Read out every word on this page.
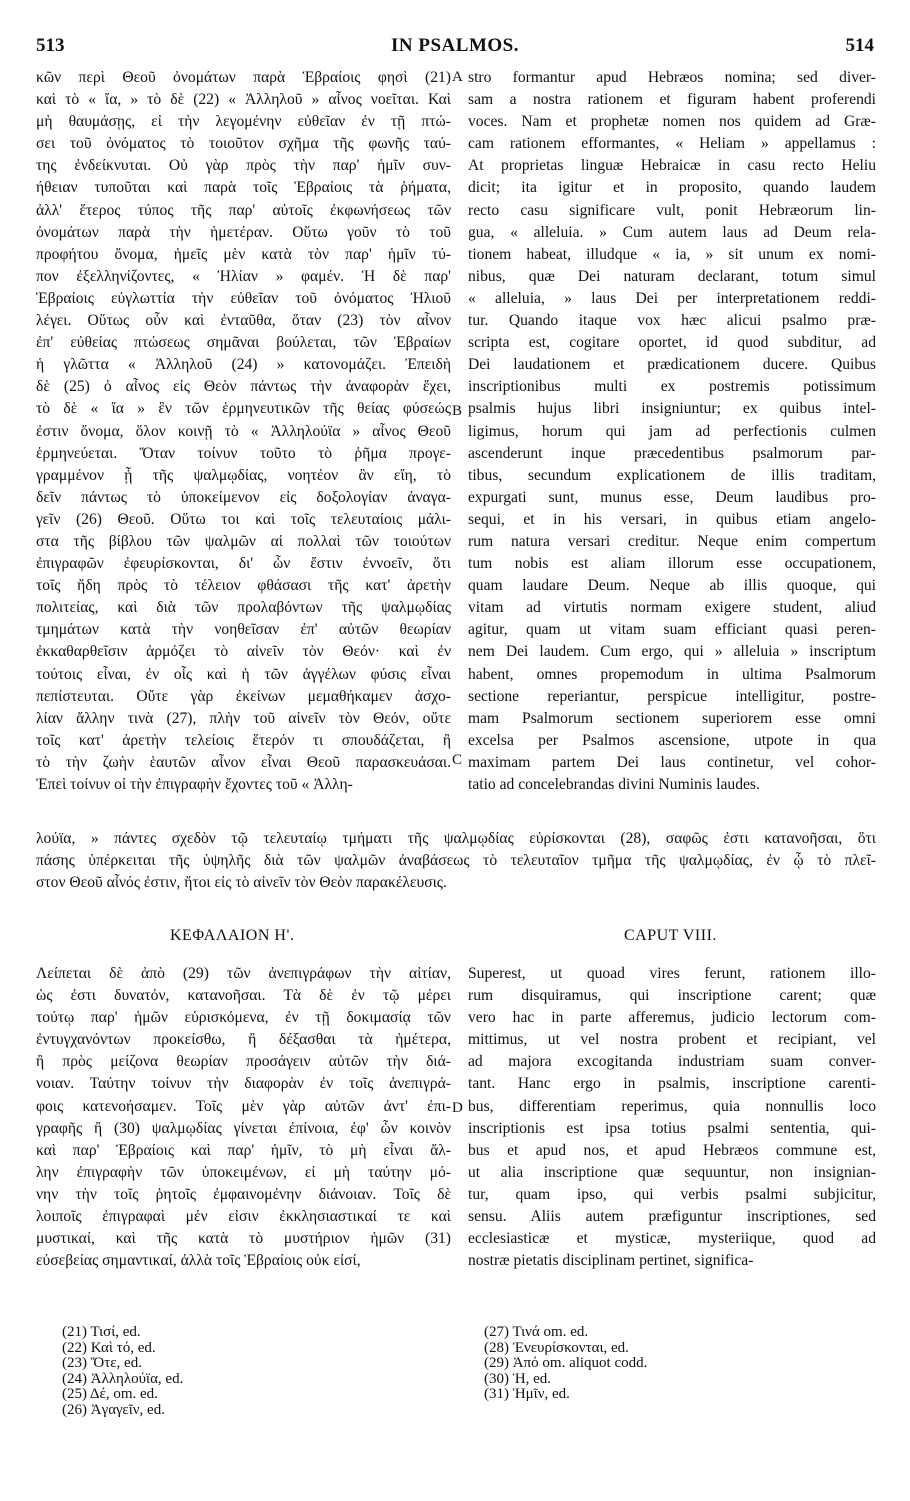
513	IN PSALMOS.	514
κῶν περὶ Θεοῦ ὀνομάτων παρὰ Ἑβραίοις φησὶ (21)
καὶ τὸ « ἴα, » τὸ δὲ (22) « Ἀλληλοῦ » αἶνος νοεῖται. Καὶ
μὴ θαυμάσῃς, εἰ τὴν λεγομένην εὐθεῖαν ἐν τῇ πτώ-
σει τοῦ ὀνόματος τὸ τοιοῦτον σχῆμα τῆς φωνῆς ταύ-
της ἐνδείκνυται. Οὐ γὰρ πρὸς τὴν παρ' ἡμῖν συν-
ήθειαν τυποῦται καὶ παρὰ τοῖς Ἑβραίοις τὰ ῥήματα,
ἀλλ' ἕτερος τύπος τῆς παρ' αὐτοῖς ἐκφωνήσεως τῶν
ὀνομάτων παρὰ τὴν ἡμετέραν. Οὕτω γοῦν τὸ τοῦ
προφήτου ὄνομα, ἡμεῖς μὲν κατὰ τὸν παρ' ἡμῖν τύ-
πον ἐξελληνίζοντες, « Ἠλίαν » φαμέν. Ἡ δὲ παρ'
Ἑβραίοις εὐγλωττία τὴν εὐθεῖαν τοῦ ὀνόματος Ἠλιοῦ
λέγει. Οὕτως οὖν καὶ ἐνταῦθα, ὅταν (23) τὸν αἶνον
ἐπ' εὐθείας πτώσεως σημᾶναι βούλεται, τῶν Ἑβραίων
ἡ γλῶττα « Ἀλληλοῦ (24) » κατονομάζει. Ἐπειδὴ
δὲ (25) ὁ αἶνος εἰς Θεὸν πάντως τὴν ἀναφορὰν ἔχει,
τὸ δὲ « ἴα » ἓν τῶν ἑρμηνευτικῶν τῆς θείας φύσεώς
ἐστιν ὄνομα, ὅλον κοινῇ τὸ « Ἀλληλούϊα » αἶνος Θεοῦ
ἑρμηνεύεται. Ὅταν τοίνυν τοῦτο τὸ ῥῆμα προγε-
γραμμένον ᾖ τῆς ψαλμῳδίας, νοητέον ἂν εἴη, τὸ
δεῖν πάντως τὸ ὑποκείμενον εἰς δοξολογίαν ἀναγα-
γεῖν (26) Θεοῦ. Οὕτω τοι καὶ τοῖς τελευταίοις μάλι-
στα τῆς βίβλου τῶν ψαλμῶν αἱ πολλαὶ τῶν τοιούτων
ἐπιγραφῶν ἐφευρίσκονται, δι' ὧν ἔστιν ἐννοεῖν, ὅτι
τοῖς ἤδη πρὸς τὸ τέλειον φθάσασι τῆς κατ' ἀρετὴν
πολιτείας, καὶ διὰ τῶν προλαβόντων τῆς ψαλμῳδίας
τμημάτων κατὰ τὴν νοηθεῖσαν ἐπ' αὐτῶν θεωρίαν
ἐκκαθαρθεῖσιν ἁρμόζει τὸ αἰνεῖν τὸν Θεόν· καὶ ἐν
τούτοις εἶναι, ἐν οἷς καὶ ἡ τῶν ἀγγέλων φύσις εἶναι
πεπίστευται. Οὔτε γὰρ ἐκείνων μεμαθήκαμεν ἀσχο-
λίαν ἄλλην τινὰ (27), πλὴν τοῦ αἰνεῖν τὸν Θεόν, οὔτε
τοῖς κατ' ἀρετὴν τελείοις ἕτερόν τι σπουδάζεται, ἢ
τὸ τὴν ζωὴν ἑαυτῶν αἶνον εἶναι Θεοῦ παρασκευάσαι.
Ἐπεὶ τοίνυν οἱ τὴν ἐπιγραφὴν ἔχοντες τοῦ « Ἀλλη-
stro formantur apud Hebræos nomina; sed diver-
sam a nostra rationem et figuram habent proferendi
voces. Nam et prophetæ nomen nos quidem ad Græ-
cam rationem efformantes, « Heliam » appellamus :
At proprietas linguæ Hebraicæ in casu recto Heliu
dicit; ita igitur et in proposito, quando laudem
recto casu significare vult, ponit Hebræorum lin-
gua, « alleluia. » Cum autem laus ad Deum rela-
tionem habeat, illudque « ia, » sit unum ex nomi-
nibus, quæ Dei naturam declarant, totum simul
« alleluia, » laus Dei per interpretationem reddi-
tur. Quando itaque vox hæc alicui psalmo præ-
scripta est, cogitare oportet, id quod subditur, ad
Dei laudationem et prædicationem ducere. Quibus
inscriptionibus multi ex postremis potissimum
psalmis hujus libri insigniuntur; ex quibus intel-
ligimus, horum qui jam ad perfectionis culmen
ascenderunt inque præcedentibus psalmorum par-
tibus, secundum explicationem de illis traditam,
expurgati sunt, munus esse, Deum laudibus pro-
sequi, et in his versari, in quibus etiam angelo-
rum natura versari creditur. Neque enim compertum
tum nobis est aliam illorum esse occupationem,
quam laudare Deum. Neque ab illis quoque, qui
vitam ad virtutis normam exigere student, aliud
agitur, quam ut vitam suam efficiant quasi peren-
nem Dei laudem. Cum ergo, qui » alleluia » inscriptum
habent, omnes propemodum in ultima Psalmorum
sectione reperiantur, perspicue intelligitur, postre-
mam Psalmorum sectionem superiorem esse omni
excelsa per Psalmos ascensione, utpote in qua
maximam partem Dei laus continetur, vel cohor-
tatio ad concelebrandas divini Numinis laudes.
λούϊα, » πάντες σχεδὸν τῷ τελευταίῳ τμήματι τῆς ψαλμῳδίας εὑρίσκονται (28), σαφῶς ἐστι κατανοῆσαι, ὅτι
πάσης ὑπέρκειται τῆς ὑψηλῆς διὰ τῶν ψαλμῶν ἀναβάσεως τὸ τελευταῖον τμῆμα τῆς ψαλμῳδίας, ἐν ᾧ τὸ πλεῖ-
στον Θεοῦ αἶνός ἐστιν, ἤτοι εἰς τὸ αἰνεῖν τὸν Θεὸν παρακέλευσις.
A
B
C
D
ΚΕΦΑΛΑΙΟΝ Η'.	CAPUT VIII.
Λείπεται δὲ ἀπὸ (29) τῶν ἀνεπιγράφων τὴν αἰτίαν,
ὡς ἐστι δυνατόν, κατανοῆσαι. Τὰ δὲ ἐν τῷ μέρει
τούτῳ παρ' ἡμῶν εὑρισκόμενα, ἐν τῇ δοκιμασίᾳ τῶν
ἐντυγχανόντων προκείσθω, ἢ δέξασθαι τὰ ἡμέτερα,
ἢ πρὸς μείζονα θεωρίαν προσάγειν αὐτῶν τὴν διά-
νοιαν. Ταύτην τοίνυν τὴν διαφορὰν ἐν τοῖς ἀνεπιγρά-
φοις κατενοήσαμεν. Τοῖς μὲν γὰρ αὐτῶν ἀντ' ἐπι-
γραφῆς ἢ (30) ψαλμῳδίας γίνεται ἐπίνοια, ἐφ' ὧν κοινὸν
καὶ παρ' Ἑβραίοις καὶ παρ' ἡμῖν, τὸ μὴ εἶναι ἄλ-
λην ἐπιγραφὴν τῶν ὑποκειμένων, εἰ μὴ ταύτην μό-
νην τὴν τοῖς ῥητοῖς ἐμφαινομένην διάνοιαν. Τοῖς δὲ
λοιποῖς ἐπιγραφαὶ μέν εἰσιν ἐκκλησιαστικαί τε καὶ
μυστικαί, καὶ τῆς κατὰ τὸ μυστήριον ἡμῶν (31)
εὐσεβείας σημαντικαί, ἀλλὰ τοῖς Ἑβραίοις οὐκ εἰσί,
Superest, ut quoad vires ferunt, rationem illo-
rum disquiramus, qui inscriptione carent; quæ
vero hac in parte afferemus, judicio lectorum com-
mittimus, ut vel nostra probent et recipiant, vel
ad majora excogitanda industriam suam conver-
tant. Hanc ergo in psalmis, inscriptione carenti-
bus, differentiam reperimus, quia nonnullis loco
inscriptionis est ipsa totius psalmi sententia, qui-
bus et apud nos, et apud Hebræos commune est,
ut alia inscriptione quæ sequuntur, non insignian-
tur, quam ipso, qui verbis psalmi subjicitur,
sensu. Aliis autem præfiguntur inscriptiones, sed
ecclesiasticæ et mysticæ, mysteriique, quod ad
nostræ pietatis disciplinam pertinet, significa-
(21) Τισί, ed.
(22) Καὶ τό, ed.
(23) Ὅτε, ed.
(24) Ἀλληλούϊα, ed.
(25) Δέ, om. ed.
(26) Ἀγαγεῖν, ed.
(27) Τινά om. ed.
(28) Ἐνευρίσκονται, ed.
(29) Ἀπό om. aliquot codd.
(30) Ἡ, ed.
(31) Ἡμῖν, ed.
